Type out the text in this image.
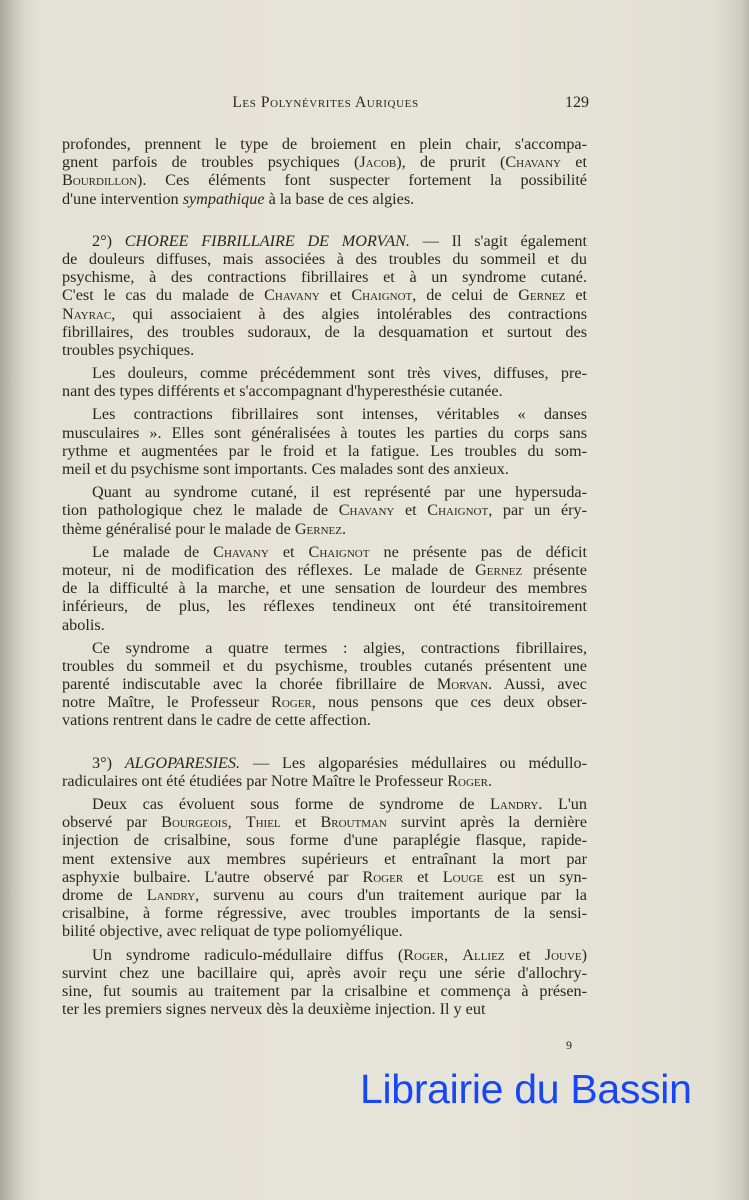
Les Polynévrites Auriques	129
profondes, prennent le type de broiement en plein chair, s'accompa-
gnent parfois de troubles psychiques (Jacob), de prurit (Chavany et
Bourdillon). Ces éléments font suspecter fortement la possibilité
d'une intervention sympathique à la base de ces algies.
2°) CHOREE FIBRILLAIRE DE MORVAN. — Il s'agit également
de douleurs diffuses, mais associées à des troubles du sommeil et du
psychisme, à des contractions fibrillaires et à un syndrome cutané.
C'est le cas du malade de Chavany et Chaignot, de celui de Gernez et
Nayrac, qui associaient à des algies intolérables des contractions
fibrillaires, des troubles sudoraux, de la desquamation et surtout des
troubles psychiques.
Les douleurs, comme précédemment sont très vives, diffuses, pre-
nant des types différents et s'accompagnant d'hyperesthésie cutanée.
Les contractions fibrillaires sont intenses, véritables « danses
musculaires ». Elles sont généralisées à toutes les parties du corps sans
rythme et augmentées par le froid et la fatigue. Les troubles du som-
meil et du psychisme sont importants. Ces malades sont des anxieux.
Quant au syndrome cutané, il est représenté par une hypersuda-
tion pathologique chez le malade de Chavany et Chaignot, par un éry-
thème généralisé pour le malade de Gernez.
Le malade de Chavany et Chaignot ne présente pas de déficit
moteur, ni de modification des réflexes. Le malade de Gernez présente
de la difficulté à la marche, et une sensation de lourdeur des membres
inférieurs, de plus, les réflexes tendineux ont été transitoirement
abolis.
Ce syndrome a quatre termes : algies, contractions fibrillaires,
troubles du sommeil et du psychisme, troubles cutanés présentent une
parenté indiscutable avec la chorée fibrillaire de Morvan. Aussi, avec
notre Maître, le Professeur Roger, nous pensons que ces deux obser-
vations rentrent dans le cadre de cette affection.
3°) ALGOPARESIES. — Les algoparésies médullaires ou médullo-
radiculaires ont été étudiées par Notre Maître le Professeur Roger.
Deux cas évoluent sous forme de syndrome de Landry. L'un
observé par Bourgeois, Thiel et Broutman survint après la dernière
injection de crisalbine, sous forme d'une paraplégie flasque, rapide-
ment extensive aux membres supérieurs et entraînant la mort par
asphyxie bulbaire. L'autre observé par Roger et Louge est un syn-
drome de Landry, survenu au cours d'un traitement aurique par la
crisalbine, à forme régressive, avec troubles importants de la sensi-
bilité objective, avec reliquat de type poliomyélique.
Un syndrome radiculo-médullaire diffus (Roger, Alliez et Jouve)
survint chez une bacillaire qui, après avoir reçu une série d'allochry-
sine, fut soumis au traitement par la crisalbine et commença à présen-
ter les premiers signes nerveux dès la deuxième injection. Il y eut
9
Librairie du Bassin
